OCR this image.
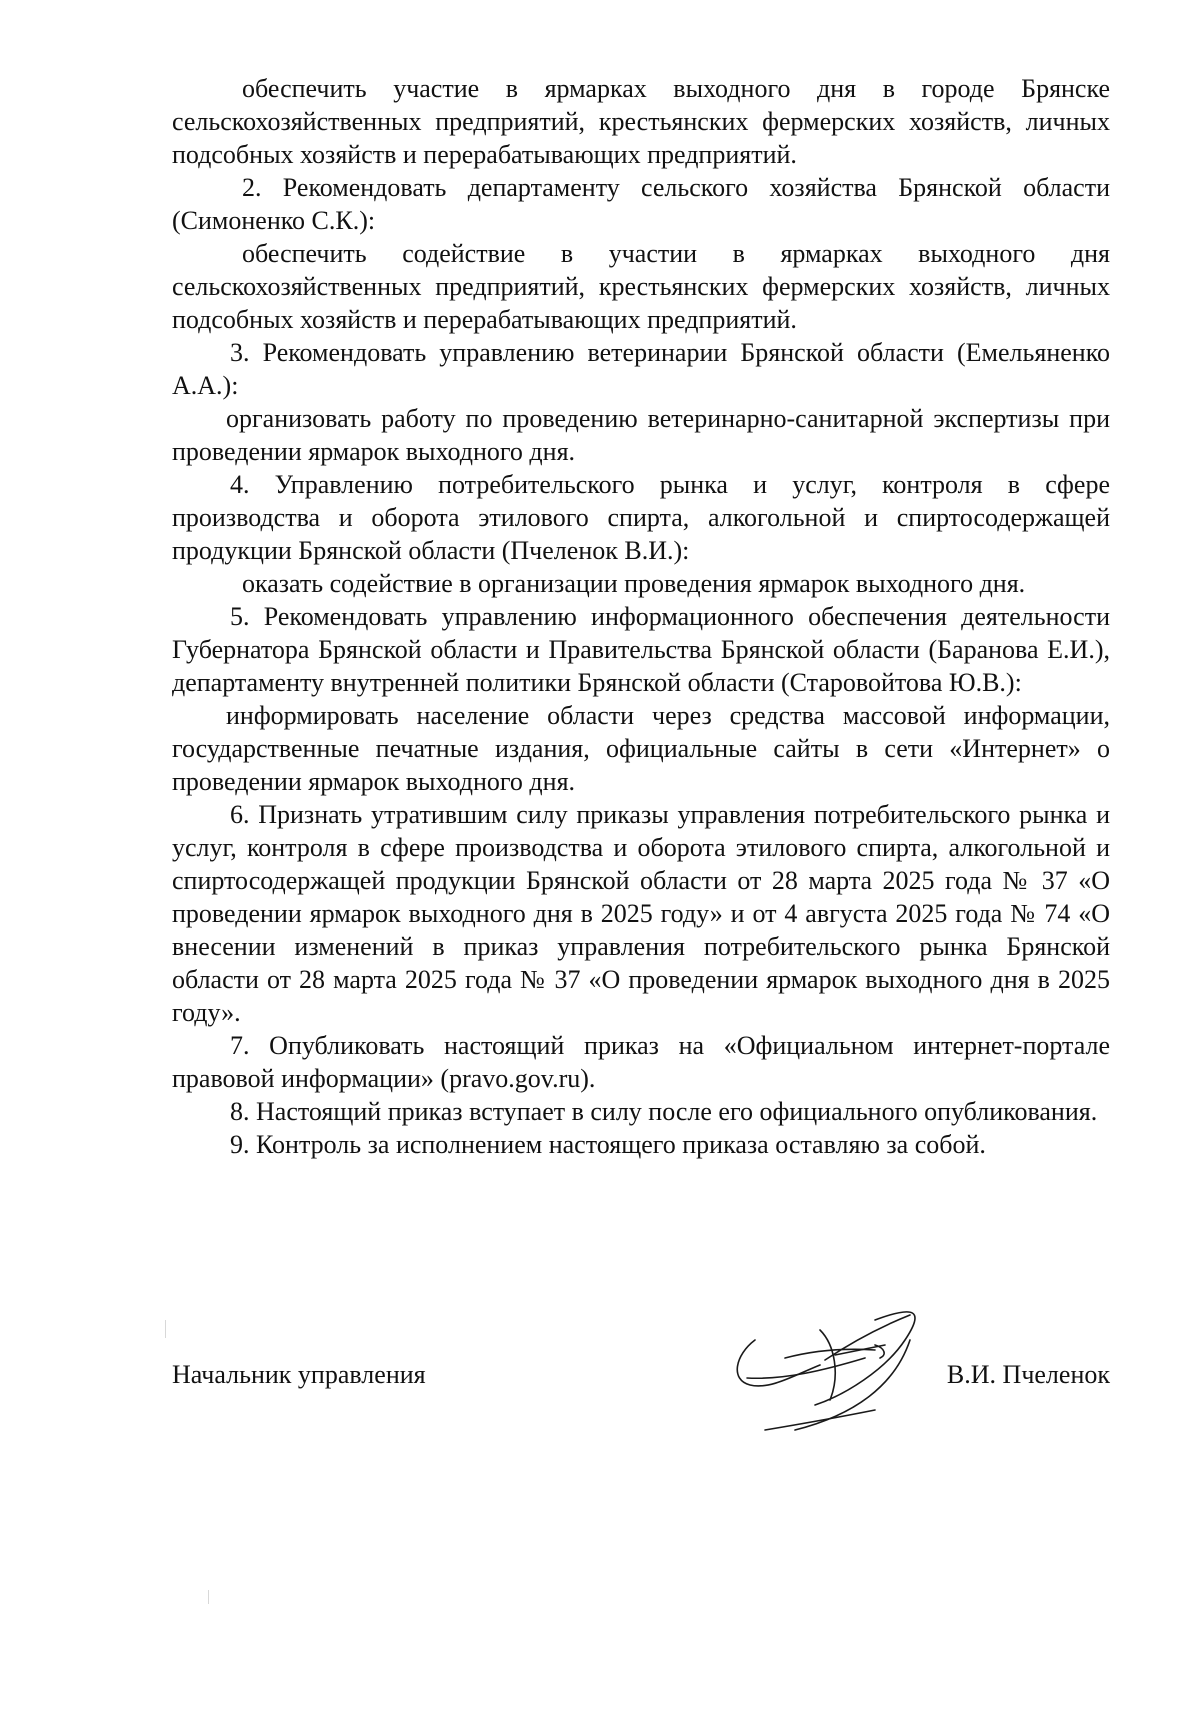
обеспечить участие в ярмарках выходного дня в городе Брянске сельскохозяйственных предприятий, крестьянских фермерских хозяйств, личных подсобных хозяйств и перерабатывающих предприятий.

2. Рекомендовать департаменту сельского хозяйства Брянской области (Симоненко С.К.):

обеспечить содействие в участии в ярмарках выходного дня сельскохозяйственных предприятий, крестьянских фермерских хозяйств, личных подсобных хозяйств и перерабатывающих предприятий.

3. Рекомендовать управлению ветеринарии Брянской области (Емельяненко А.А.):

организовать работу по проведению ветеринарно-санитарной экспертизы при проведении ярмарок выходного дня.

4. Управлению потребительского рынка и услуг, контроля в сфере производства и оборота этилового спирта, алкогольной и спиртосодержащей продукции Брянской области (Пчеленок В.И.):

оказать содействие в организации проведения ярмарок выходного дня.

5. Рекомендовать управлению информационного обеспечения деятельности Губернатора Брянской области и Правительства Брянской области (Баранова Е.И.), департаменту внутренней политики Брянской области (Старовойтова Ю.В.):

информировать население области через средства массовой информации, государственные печатные издания, официальные сайты в сети «Интернет» о проведении ярмарок выходного дня.

6. Признать утратившим силу приказы управления потребительского рынка и услуг, контроля в сфере производства и оборота этилового спирта, алкогольной и спиртосодержащей продукции Брянской области от 28 марта 2025 года № 37 «О проведении ярмарок выходного дня в 2025 году» и от 4 августа 2025 года № 74 «О внесении изменений в приказ управления потребительского рынка Брянской области от 28 марта 2025 года № 37 «О проведении ярмарок выходного дня в 2025 году».

7. Опубликовать настоящий приказ на «Официальном интернет-портале правовой информации» (pravo.gov.ru).

8. Настоящий приказ вступает в силу после его официального опубликования.

9. Контроль за исполнением настоящего приказа оставляю за собой.

Начальник управления	В.И. Пчеленок
